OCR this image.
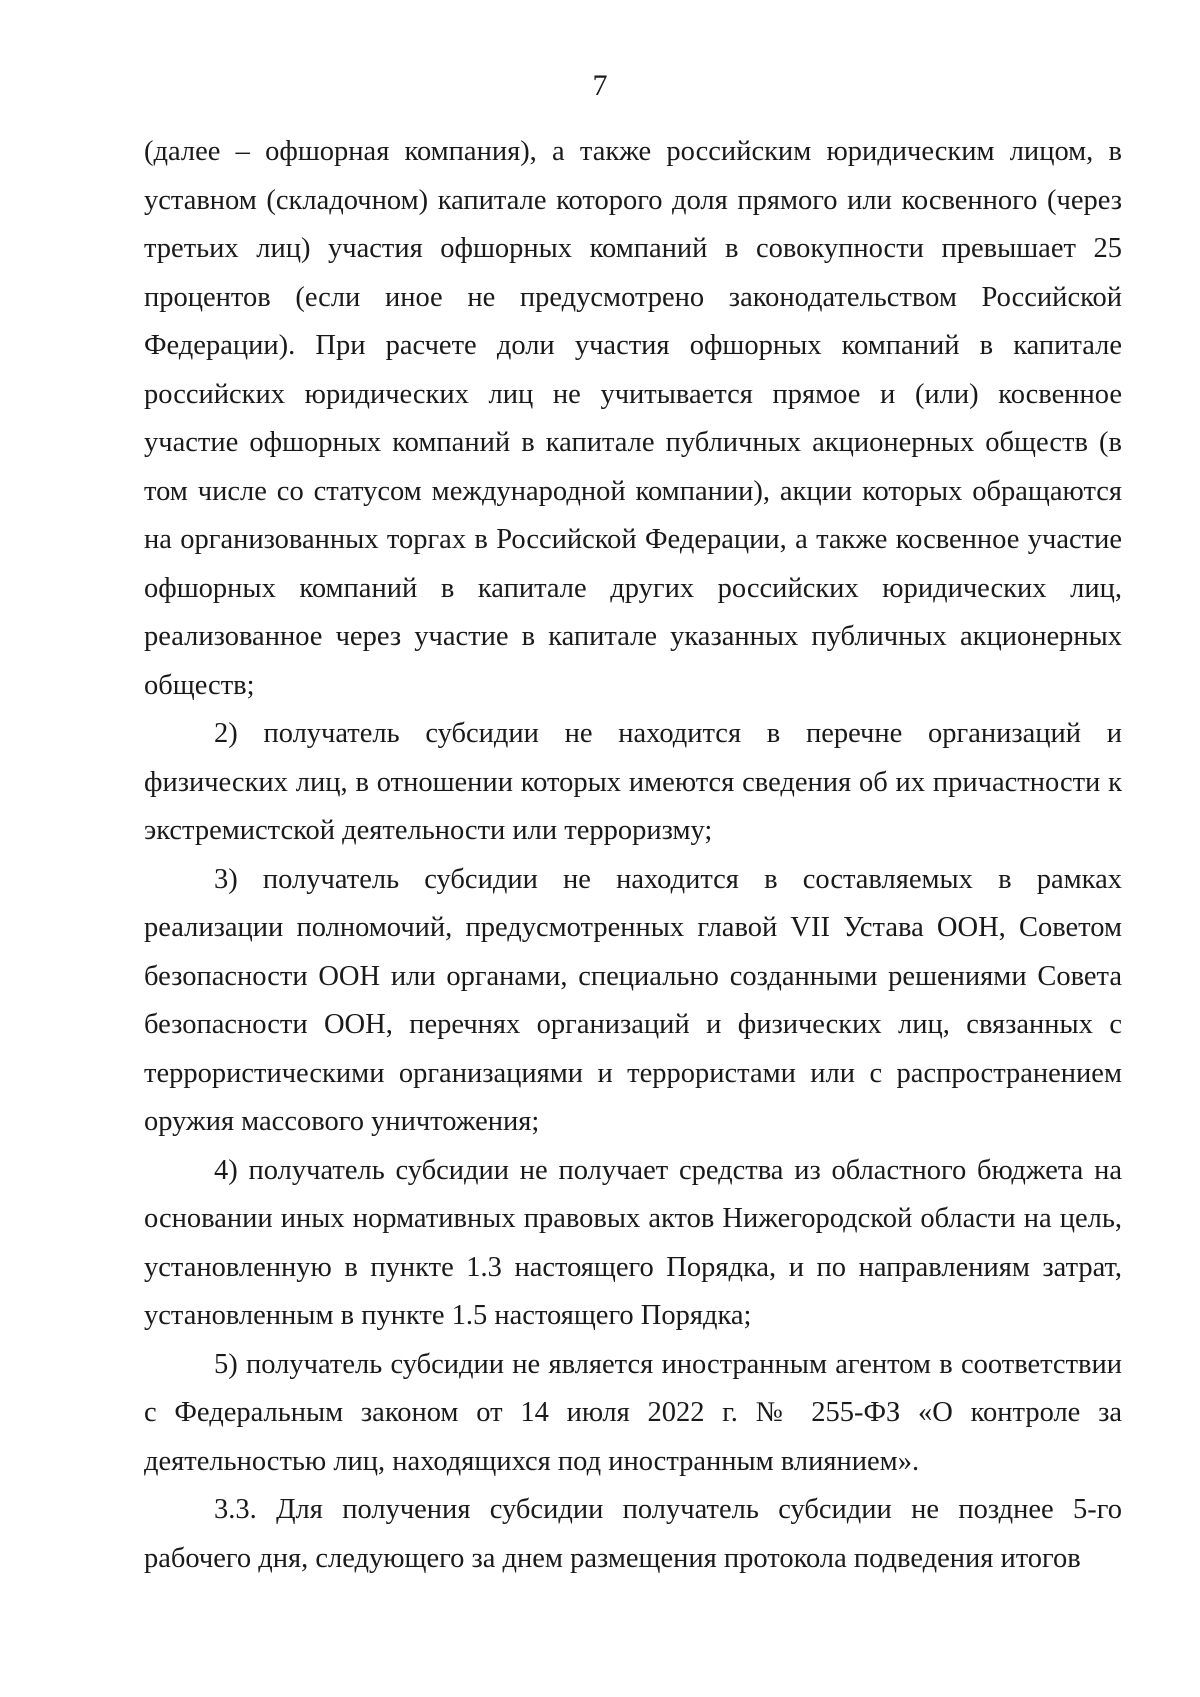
7

(далее – офшорная компания), а также российским юридическим лицом, в уставном (складочном) капитале которого доля прямого или косвенного (через третьих лиц) участия офшорных компаний в совокупности превышает 25 процентов (если иное не предусмотрено законодательством Российской Федерации). При расчете доли участия офшорных компаний в капитале российских юридических лиц не учитывается прямое и (или) косвенное участие офшорных компаний в капитале публичных акционерных обществ (в том числе со статусом международной компании), акции которых обращаются на организованных торгах в Российской Федерации, а также косвенное участие офшорных компаний в капитале других российских юридических лиц, реализованное через участие в капитале указанных публичных акционерных обществ;

2) получатель субсидии не находится в перечне организаций и физических лиц, в отношении которых имеются сведения об их причастности к экстремистской деятельности или терроризму;

3) получатель субсидии не находится в составляемых в рамках реализации полномочий, предусмотренных главой VII Устава ООН, Советом безопасности ООН или органами, специально созданными решениями Совета безопасности ООН, перечнях организаций и физических лиц, связанных с террористическими организациями и террористами или с распространением оружия массового уничтожения;

4) получатель субсидии не получает средства из областного бюджета на основании иных нормативных правовых актов Нижегородской области на цель, установленную в пункте 1.3 настоящего Порядка, и по направлениям затрат, установленным в пункте 1.5 настоящего Порядка;

5) получатель субсидии не является иностранным агентом в соответствии с Федеральным законом от 14 июля 2022 г. № 255-ФЗ «О контроле за деятельностью лиц, находящихся под иностранным влиянием».

3.3. Для получения субсидии получатель субсидии не позднее 5-го рабочего дня, следующего за днем размещения протокола подведения итогов
